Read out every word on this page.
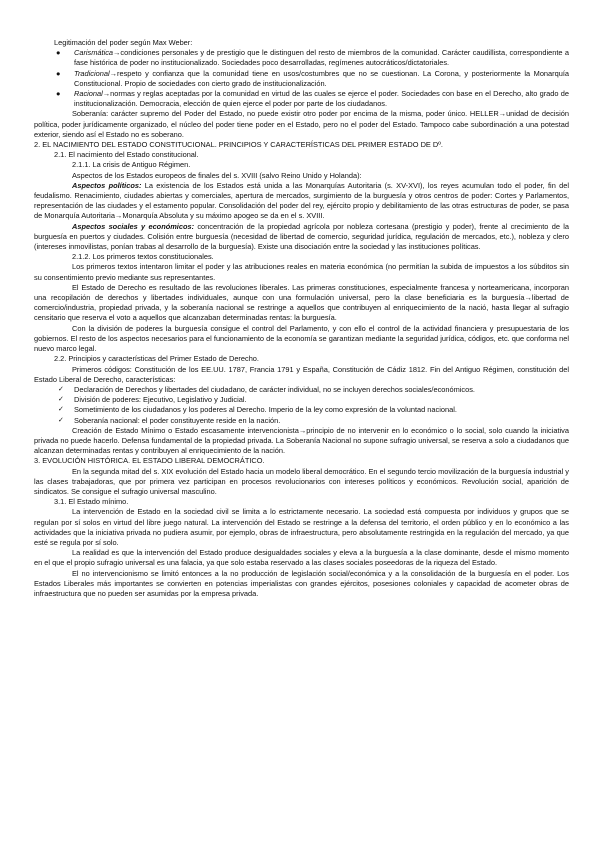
Legitimación del poder según Max Weber:

● Carismática→condiciones personales y de prestigio que le distinguen del resto de miembros de la comunidad. Carácter caudillista, correspondiente a fase histórica de poder no institucionalizado. Sociedades poco desarrolladas, regímenes autocráticos/dictatoriales.

● Tradicional→respeto y confianza que la comunidad tiene en usos/costumbres que no se cuestionan. La Corona, y posteriormente la Monarquía Constitucional. Propio de sociedades con cierto grado de institucionalización.

● Racional→normas y reglas aceptadas por la comunidad en virtud de las cuales se ejerce el poder. Sociedades con base en el Derecho, alto grado de institucionalización. Democracia, elección de quien ejerce el poder por parte de los ciudadanos.

Soberanía: carácter supremo del Poder del Estado, no puede existir otro poder por encima de la misma, poder único. HELLER→unidad de decisión política, poder jurídicamente organizado, el núcleo del poder tiene poder en el Estado, pero no el poder del Estado. Tampoco cabe subordinación a una potestad exterior, siendo así el Estado no es soberano.

2. EL NACIMIENTO DEL ESTADO CONSTITUCIONAL. PRINCIPIOS Y CARACTERÍSTICAS DEL PRIMER ESTADO DE Dº.

2.1. El nacimiento del Estado constitucional.

2.1.1. La crisis de Antiguo Régimen.

Aspectos de los Estados europeos de finales del s. XVIII (salvo Reino Unido y Holanda):

Aspectos políticos: La existencia de los Estados está unida a las Monarquías Autoritaria (s. XV-XVI), los reyes acumulan todo el poder, fin del feudalismo. Renacimiento, ciudades abiertas y comerciales, apertura de mercados, surgimiento de la burguesía y otros centros de poder: Cortes y Parlamentos, representación de las ciudades y el estamento popular. Consolidación del poder del rey, ejército propio y debilitamiento de las otras estructuras de poder, se pasa de Monarquía Autoritaria→Monarquía Absoluta y su máximo apogeo se da en el s. XVIII.

Aspectos sociales y económicos: concentración de la propiedad agrícola por nobleza cortesana (prestigio y poder), frente al crecimiento de la burguesía en puertos y ciudades. Colisión entre burguesía (necesidad de libertad de comercio, seguridad jurídica, regulación de mercados, etc.), nobleza y clero (intereses inmovilistas, ponían trabas al desarrollo de la burguesía). Existe una disociación entre la sociedad y las instituciones políticas.

2.1.2. Los primeros textos constitucionales.

Los primeros textos intentaron limitar el poder y las atribuciones reales en materia económica (no permitían la subida de impuestos a los súbditos sin su consentimiento previo mediante sus representantes.

El Estado de Derecho es resultado de las revoluciones liberales. Las primeras constituciones, especialmente francesa y norteamericana, incorporan una recopilación de derechos y libertades individuales, aunque con una formulación universal, pero la clase beneficiaria es la burguesía→libertad de comercio/industria, propiedad privada, y la soberanía nacional se restringe a aquellos que contribuyen al enriquecimiento de la nació, hasta llegar al sufragio censitario que reserva el voto a aquellos que alcanzaban determinadas rentas: la burguesía.

Con la división de poderes la burguesía consigue el control del Parlamento, y con ello el control de la actividad financiera y presupuestaria de los gobiernos. El resto de los aspectos necesarios para el funcionamiento de la economía se garantizan mediante la seguridad jurídica, códigos, etc. que conforma nel nuevo marco legal.

2.2. Principios y características del Primer Estado de Derecho.

Primeros códigos: Constitución de los EE.UU. 1787, Francia 1791 y España, Constitución de Cádiz 1812. Fin del Antiguo Régimen, constitución del Estado Liberal de Derecho, características:

✓ Declaración de Derechos y libertades del ciudadano, de carácter individual, no se incluyen derechos sociales/económicos.

✓ División de poderes: Ejecutivo, Legislativo y Judicial.

✓ Sometimiento de los ciudadanos y los poderes al Derecho. Imperio de la ley como expresión de la voluntad nacional.

✓ Soberanía nacional: el poder constituyente reside en la nación.

Creación de Estado Mínimo o Estado escasamente intervencionista→principio de no intervenir en lo económico o lo social, solo cuando la iniciativa privada no puede hacerlo. Defensa fundamental de la propiedad privada. La Soberanía Nacional no supone sufragio universal, se reserva a solo a ciudadanos que alcanzan determinadas rentas y contribuyen al enriquecimiento de la nación.

3. EVOLUCIÓN HISTÓRICA. EL ESTADO LIBERAL DEMOCRÁTICO.

En la segunda mitad del s. XIX evolución del Estado hacia un modelo liberal democrático. En el segundo tercio movilización de la burguesía industrial y las clases trabajadoras, que por primera vez participan en procesos revolucionarios con intereses políticos y económicos. Revolución social, aparición de sindicatos. Se consigue el sufragio universal masculino.

3.1. El Estado mínimo.

La intervención de Estado en la sociedad civil se limita a lo estrictamente necesario. La sociedad está compuesta por individuos y grupos que se regulan por sí solos en virtud del libre juego natural. La intervención del Estado se restringe a la defensa del territorio, el orden público y en lo económico a las actividades que la iniciativa privada no pudiera asumir, por ejemplo, obras de infraestructura, pero absolutamente restringida en la regulación del mercado, ya que esté se regula por sí solo.

La realidad es que la intervención del Estado produce desigualdades sociales y eleva a la burguesía a la clase dominante, desde el mismo momento en el que el propio sufragio universal es una falacia, ya que solo estaba reservado a las clases sociales poseedoras de la riqueza del Estado.

El no intervencionismo se limitó entonces a la no producción de legislación social/económica y a la consolidación de la burguesía en el poder. Los Estados Liberales más importantes se convierten en potencias imperialistas con grandes ejércitos, posesiones coloniales y capacidad de acometer obras de infraestructura que no pueden ser asumidas por la empresa privada.
